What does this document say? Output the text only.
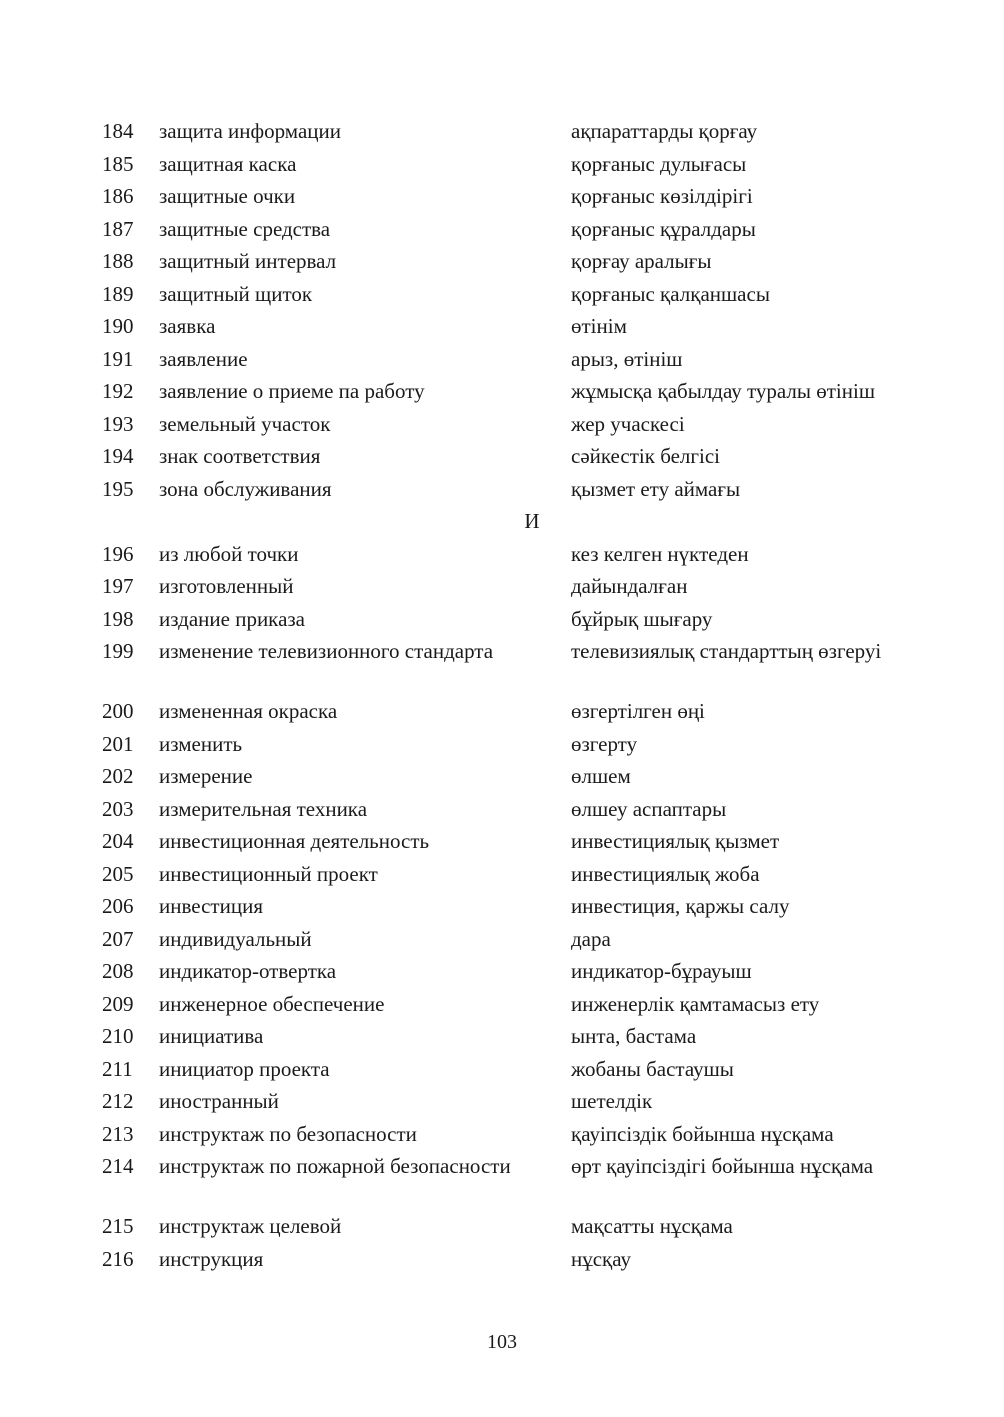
184 защита информации	ақпараттарды қорғау
185 защитная каска	қорғаныс дулығасы
186 защитные очки	қорғаныс көзілдірігі
187 защитные средства	қорғаныс құралдары
188 защитный интервал	қорғау аралығы
189 защитный щиток	қорғаныс қалқаншасы
190 заявка	өтінім
191 заявление	арыз, өтініш
192 заявление о приеме па работу	жұмысқа қабылдау туралы өтініш
193 земельный участок	жер учаскесі
194 знак соответствия	сәйкестік белгісі
195 зона обслуживания	қызмет ету аймағы
И
196 из любой точки	кез келген нүктеден
197 изготовленный	дайындалған
198 издание приказа	бұйрық шығару
199 изменение телевизионного стандарта	телевизиялық стандарттың өзгеруі
200 измененная окраска	өзгертілген өңі
201 изменить	өзгерту
202 измерение	өлшем
203 измерительная техника	өлшеу аспаптары
204 инвестиционная деятельность	инвестициялық қызмет
205 инвестиционный проект	инвестициялық жоба
206 инвестиция	инвестиция, қаржы салу
207 индивидуальный	дара
208 индикатор-отвертка	индикатор-бұрауыш
209 инженерное обеспечение	инженерлік қамтамасыз ету
210 инициатива	ынта, бастама
211 инициатор проекта	жобаны бастаушы
212 иностранный	шетелдік
213 инструктаж по безопасности	қауіпсіздік бойынша нұсқама
214 инструктаж по пожарной безопасности	өрт қауіпсіздігі бойынша нұсқама
215 инструктаж целевой	мақсатты нұсқама
216 инструкция	нұсқау
103
